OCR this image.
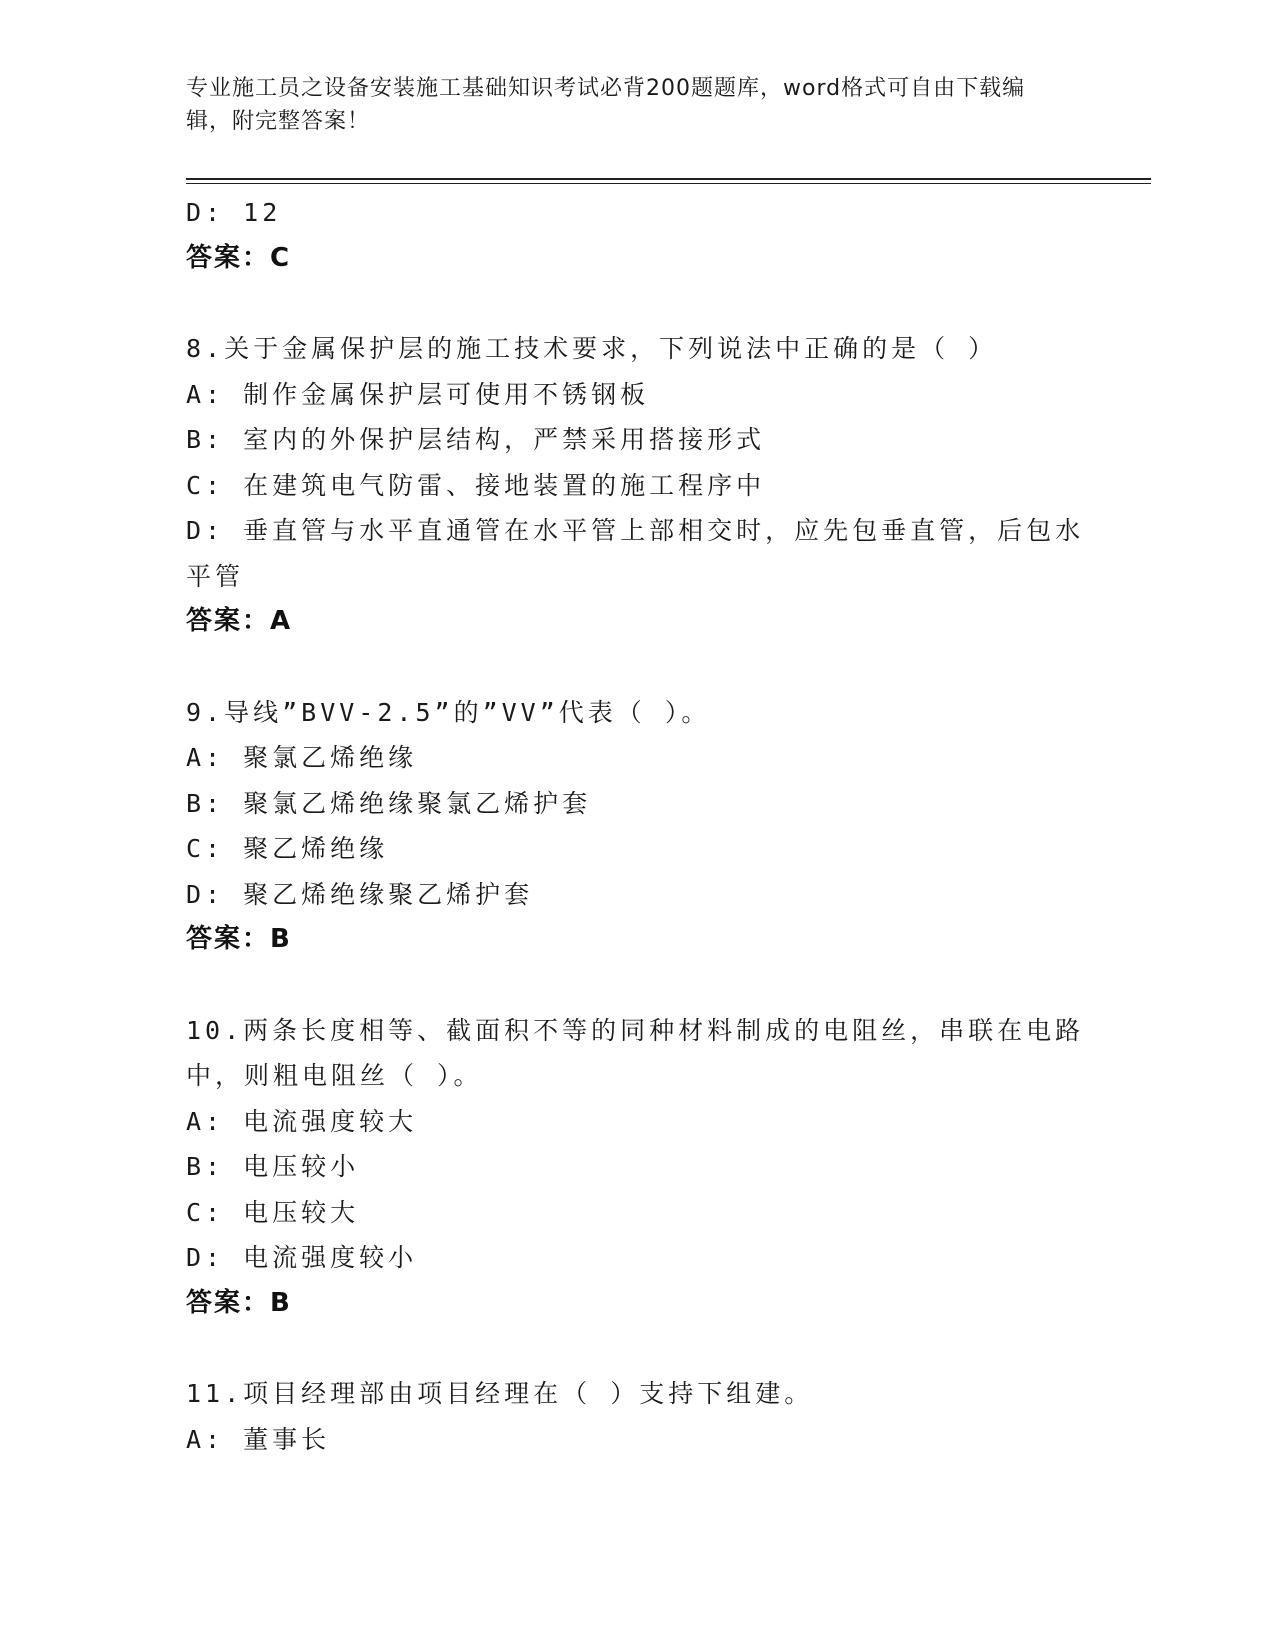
专业施工员之设备安装施工基础知识考试必背200题题库，word格式可自由下载编辑，附完整答案！
D: 12
答案：C
8.关于金属保护层的施工技术要求，下列说法中正确的是（ ）
A: 制作金属保护层可使用不锈钢板
B: 室内的外保护层结构，严禁采用搭接形式
C: 在建筑电气防雷、接地装置的施工程序中
D: 垂直管与水平直通管在水平管上部相交时，应先包垂直管，后包水平管
答案：A
9.导线”BVV-2.5”的”VV”代表（ ）。
A: 聚氯乙烯绝缘
B: 聚氯乙烯绝缘聚氯乙烯护套
C: 聚乙烯绝缘
D: 聚乙烯绝缘聚乙烯护套
答案：B
10.两条长度相等、截面积不等的同种材料制成的电阻丝，串联在电路中，则粗电阻丝（ ）。
A: 电流强度较大
B: 电压较小
C: 电压较大
D: 电流强度较小
答案：B
11.项目经理部由项目经理在（ ）支持下组建。
A: 董事长
